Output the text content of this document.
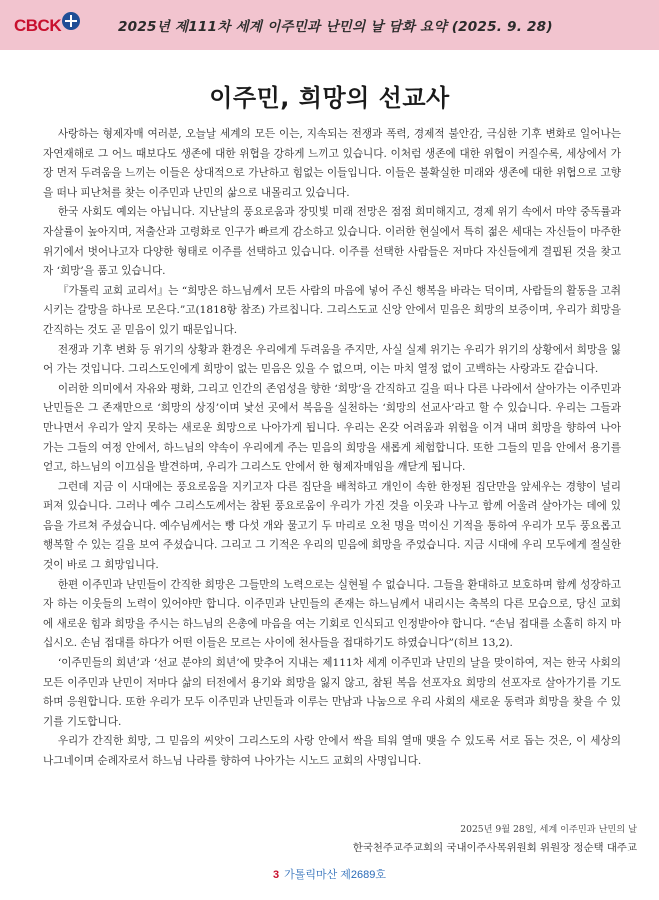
CBCK	2025년 제111차 세계 이주민과 난민의 날 담화 요약 (2025. 9. 28)
이주민, 희망의 선교사

사랑하는 형제자매 여러분, 오늘날 세계의 모든 이는, 지속되는 전쟁과 폭력, 경제적 불안감, 극심한 기후 변화로 일어나는 자연재해로 그 어느 때보다도 생존에 대한 위협을 강하게 느끼고 있습니다. 이처럼 생존에 대한 위협이 커질수록, 세상에서 가장 먼저 두려움을 느끼는 이들은 상대적으로 가난하고 힘없는 이들입니다. 이들은 불확실한 미래와 생존에 대한 위협으로 고향을 떠나 피난처를 찾는 이주민과 난민의 삶으로 내몰리고 있습니다.

한국 사회도 예외는 아닙니다. 지난날의 풍요로움과 장밋빛 미래 전망은 점점 희미해지고, 경제 위기 속에서 마약 중독률과 자살률이 높아지며, 저출산과 고령화로 인구가 빠르게 감소하고 있습니다. 이러한 현실에서 특히 젊은 세대는 자신들이 마주한 위기에서 벗어나고자 다양한 형태로 이주를 선택하고 있습니다. 이주를 선택한 사람들은 저마다 자신들에게 결핍된 것을 찾고자 ‘희망’을 품고 있습니다.

『가톨릭 교회 교리서』는 “희망은 하느님께서 모든 사람의 마음에 넣어 주신 행복을 바라는 덕이며, 사람들의 활동을 고취시키는 갈망을 하나로 모은다.”고(1818항 참조) 가르칩니다. 그리스도교 신앙 안에서 믿음은 희망의 보증이며, 우리가 희망을 간직하는 것도 곧 믿음이 있기 때문입니다.

전쟁과 기후 변화 등 위기의 상황과 환경은 우리에게 두려움을 주지만, 사실 실제 위기는 우리가 위기의 상황에서 희망을 잃어 가는 것입니다. 그리스도인에게 희망이 없는 믿음은 있을 수 없으며, 이는 마치 열정 없이 고백하는 사랑과도 같습니다.

이러한 의미에서 자유와 평화, 그리고 인간의 존엄성을 향한 ‘희망’을 간직하고 길을 떠나 다른 나라에서 살아가는 이주민과 난민들은 그 존재만으로 ‘희망의 상징’이며 낯선 곳에서 복음을 실천하는 ‘희망의 선교사’라고 할 수 있습니다. 우리는 그들과 만나면서 우리가 알지 못하는 새로운 희망으로 나아가게 됩니다. 우리는 온갖 어려움과 위험을 이겨 내며 희망을 향하여 나아가는 그들의 여정 안에서, 하느님의 약속이 우리에게 주는 믿음의 희망을 새롭게 체험합니다. 또한 그들의 믿음 안에서 용기를 얻고, 하느님의 이끄심을 발견하며, 우리가 그리스도 안에서 한 형제자매임을 깨닫게 됩니다.

그런데 지금 이 시대에는 풍요로움을 지키고자 다른 집단을 배척하고 개인이 속한 한정된 집단만을 앞세우는 경향이 널리 퍼져 있습니다. 그러나 예수 그리스도께서는 참된 풍요로움이 우리가 가진 것을 이웃과 나누고 함께 어울려 살아가는 데에 있음을 가르쳐 주셨습니다. 예수님께서는 빵 다섯 개와 물고기 두 마리로 오천 명을 먹이신 기적을 통하여 우리가 모두 풍요롭고 행복할 수 있는 길을 보여 주셨습니다. 그리고 그 기적은 우리의 믿음에 희망을 주었습니다. 지금 시대에 우리 모두에게 절실한 것이 바로 그 희망입니다.

한편 이주민과 난민들이 간직한 희망은 그들만의 노력으로는 실현될 수 없습니다. 그들을 환대하고 보호하며 함께 성장하고자 하는 이웃들의 노력이 있어야만 합니다. 이주민과 난민들의 존재는 하느님께서 내리시는 축복의 다른 모습으로, 당신 교회에 새로운 힘과 희망을 주시는 하느님의 은총에 마음을 여는 기회로 인식되고 인정받아야 합니다. “손님 접대를 소홀히 하지 마십시오. 손님 접대를 하다가 어떤 이들은 모르는 사이에 천사들을 접대하기도 하였습니다”(히브 13,2).

‘이주민들의 희년’과 ‘선교 분야의 희년’에 맞추어 지내는 제111차 세계 이주민과 난민의 날을 맞이하여, 저는 한국 사회의 모든 이주민과 난민이 저마다 삶의 터전에서 용기와 희망을 잃지 않고, 참된 복음 선포자요 희망의 선포자로 살아가기를 기도하며 응원합니다. 또한 우리가 모두 이주민과 난민들과 이루는 만남과 나눔으로 우리 사회의 새로운 동력과 희망을 찾을 수 있기를 기도합니다.

우리가 간직한 희망, 그 믿음의 씨앗이 그리스도의 사랑 안에서 싹을 틔워 열매 맺을 수 있도록 서로 돕는 것은, 이 세상의 나그네이며 순례자로서 하느님 나라를 향하여 나아가는 시노드 교회의 사명입니다.

2025년 9월 28일, 세계 이주민과 난민의 날
한국천주교주교회의 국내이주사목위원회 위원장 정순택 대주교
3 가톨릭마산 제2689호
